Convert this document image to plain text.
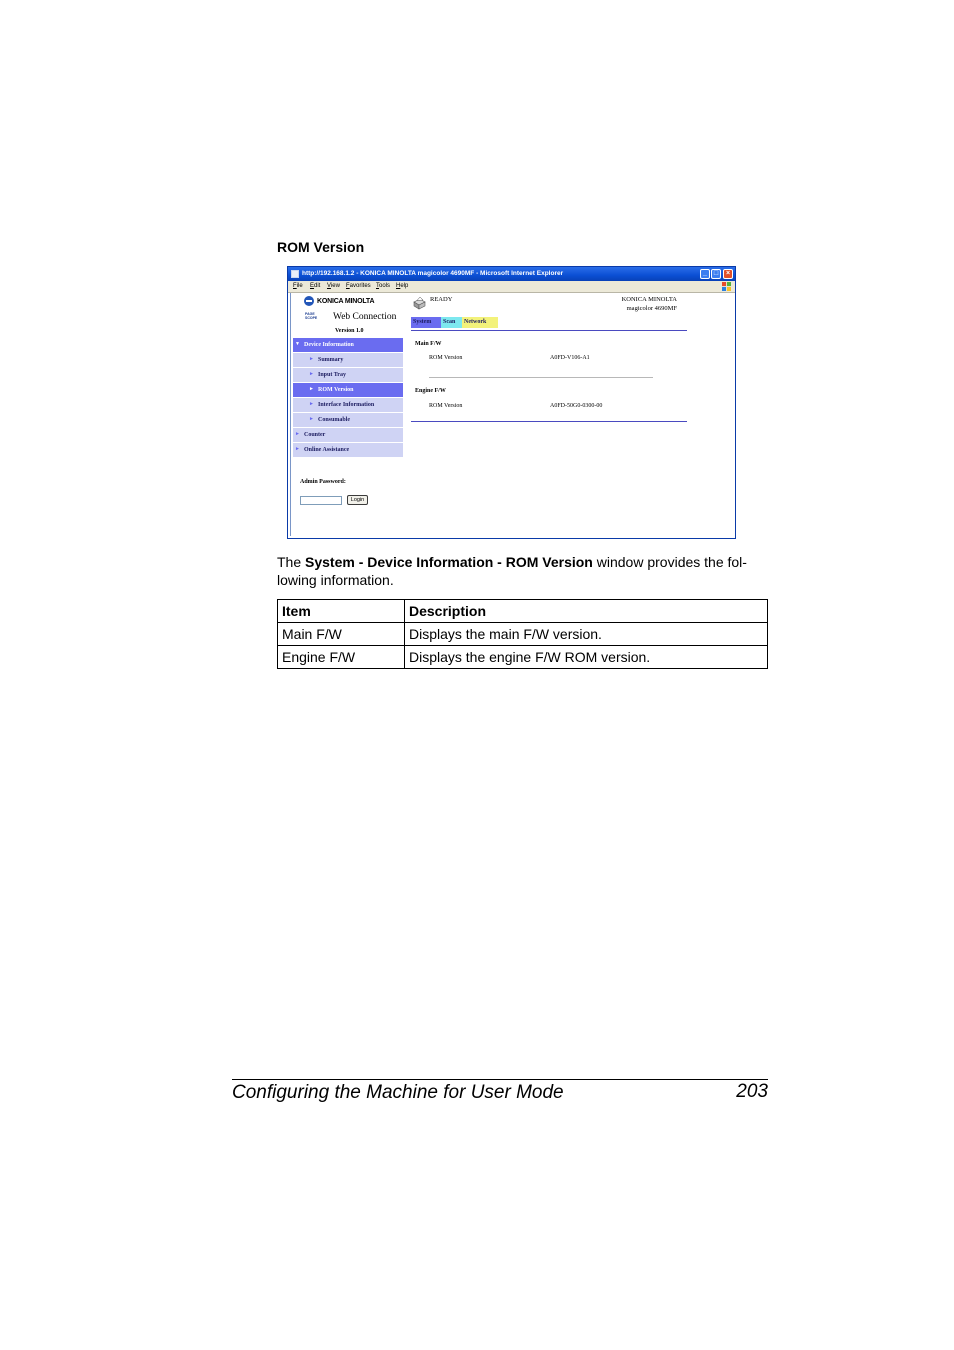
ROM Version
http://192.168.1.2 - KONICA MINOLTA magicolor 4690MF - Microsoft Internet Explorer	_ □	×
File Edit View Favorites Tools Help
KONICA MINOLTA
PAGE SCOPE Web Connection
Version 1.0
▼ Device Information
► Summary
► Input Tray
► ROM Version
► Interface Information
► Consumable
► Counter
► Online Assistance
Admin Password:
Login
READY	KONICA MINOLTA
magicolor 4690MF
System	Scan	Network
Main F/W
ROM Version	A0FD-V106-A1
Engine F/W
ROM Version	A0FD-50G0-0300-00
The System - Device Information - ROM Version window provides the fol-lowing information.
Item	Description
Main F/W	Displays the main F/W version.
Engine F/W	Displays the engine F/W ROM version.
Configuring the Machine for User Mode	203
